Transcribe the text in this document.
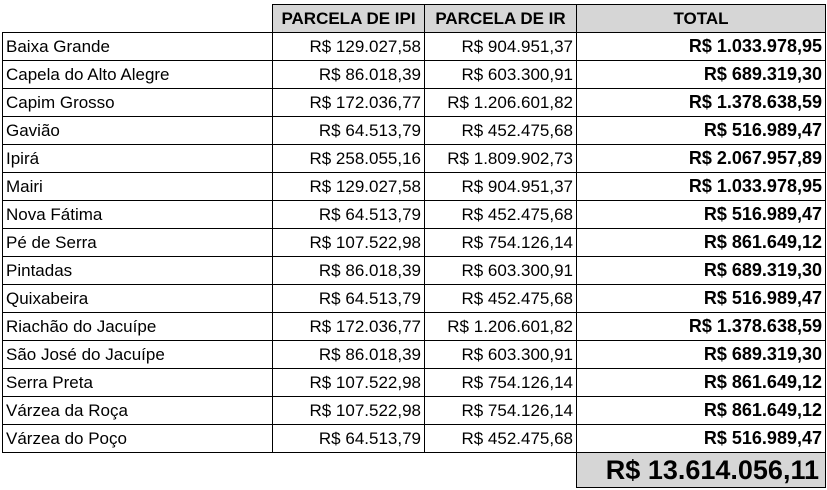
	PARCELA DE IPI	PARCELA DE IR	TOTAL
Baixa Grande	R$ 129.027,58	R$ 904.951,37	R$ 1.033.978,95
Capela do Alto Alegre	R$ 86.018,39	R$ 603.300,91	R$ 689.319,30
Capim Grosso	R$ 172.036,77	R$ 1.206.601,82	R$ 1.378.638,59
Gavião	R$ 64.513,79	R$ 452.475,68	R$ 516.989,47
Ipirá	R$ 258.055,16	R$ 1.809.902,73	R$ 2.067.957,89
Mairi	R$ 129.027,58	R$ 904.951,37	R$ 1.033.978,95
Nova Fátima	R$ 64.513,79	R$ 452.475,68	R$ 516.989,47
Pé de Serra	R$ 107.522,98	R$ 754.126,14	R$ 861.649,12
Pintadas	R$ 86.018,39	R$ 603.300,91	R$ 689.319,30
Quixabeira	R$ 64.513,79	R$ 452.475,68	R$ 516.989,47
Riachão do Jacuípe	R$ 172.036,77	R$ 1.206.601,82	R$ 1.378.638,59
São José do Jacuípe	R$ 86.018,39	R$ 603.300,91	R$ 689.319,30
Serra Preta	R$ 107.522,98	R$ 754.126,14	R$ 861.649,12
Várzea da Roça	R$ 107.522,98	R$ 754.126,14	R$ 861.649,12
Várzea do Poço	R$ 64.513,79	R$ 452.475,68	R$ 516.989,47
			R$ 13.614.056,11
